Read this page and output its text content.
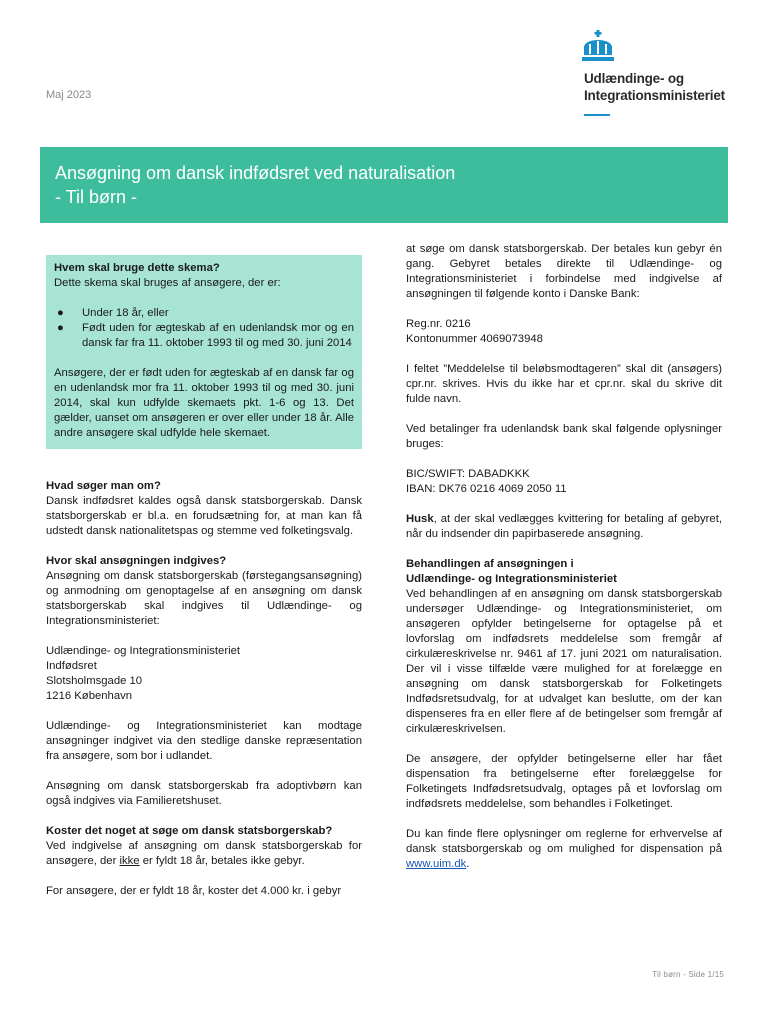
Maj 2023
Udlændinge- og
Integrationsministeriet
Ansøgning om dansk indfødsret ved naturalisation
- Til børn -

Hvem skal bruge dette skema?

Dette skema skal bruges af ansøgere, der er:

● Under 18 år, eller
● Født uden for ægteskab af en udenlandsk mor og en dansk far fra 11. oktober 1993 til og med 30. juni 2014

Ansøgere, der er født uden for ægteskab af en dansk far og en udenlandsk mor fra 11. oktober 1993 til og med 30. juni 2014, skal kun udfylde skemaets pkt. 1-6 og 13. Det gælder, uanset om ansøgeren er over eller under 18 år. Alle andre ansøgere skal udfylde hele skemaet.

Hvad søger man om?

Dansk indfødsret kaldes også dansk statsborgerskab. Dansk statsborgerskab er bl.a. en forudsætning for, at man kan få udstedt dansk nationalitetspas og stemme ved folketingsvalg.

Hvor skal ansøgningen indgives?

Ansøgning om dansk statsborgerskab (førstegangsansøgning) og anmodning om genoptagelse af en ansøgning om dansk statsborgerskab skal indgives til Udlændinge- og Integrationsministeriet:

Udlændinge- og Integrationsministeriet

Indfødsret

Slotsholmsgade 10

1216 København

Udlændinge- og Integrationsministeriet kan modtage ansøgninger indgivet via den stedlige danske repræsentation fra ansøgere, som bor i udlandet.

Ansøgning om dansk statsborgerskab fra adoptivbørn kan også indgives via Familieretshuset.

Koster det noget at søge om dansk statsborgerskab?

Ved indgivelse af ansøgning om dansk statsborgerskab for ansøgere, der ikke er fyldt 18 år, betales ikke gebyr.

For ansøgere, der er fyldt 18 år, koster det 4.000 kr. i gebyr

at søge om dansk statsborgerskab. Der betales kun gebyr én gang. Gebyret betales direkte til Udlændinge- og Integrationsministeriet i forbindelse med indgivelse af ansøgningen til følgende konto i Danske Bank:

Reg.nr. 0216

Kontonummer 4069073948

I feltet ”Meddelelse til beløbsmodtageren” skal dit (ansøgers) cpr.nr. skrives. Hvis du ikke har et cpr.nr. skal du skrive dit fulde navn.

Ved betalinger fra udenlandsk bank skal følgende oplysninger bruges:

BIC/SWIFT: DABADKKK

IBAN: DK76 0216 4069 2050 11

Husk, at der skal vedlægges kvittering for betaling af gebyret, når du indsender din papirbaserede ansøgning.

Behandlingen af ansøgningen i

Udlændinge- og Integrationsministeriet

Ved behandlingen af en ansøgning om dansk statsborgerskab undersøger Udlændinge- og Integrationsministeriet, om ansøgeren opfylder betingelserne for optagelse på et lovforslag om indfødsrets meddelelse som fremgår af cirkulæreskrivelse nr. 9461 af 17. juni 2021 om naturalisation. Der vil i visse tilfælde være mulighed for at forelægge en ansøgning om dansk statsborgerskab for Folketingets Indfødsretsudvalg, for at udvalget kan beslutte, om der kan dispenseres fra en eller flere af de betingelser som fremgår af cirkulæreskrivelsen.

De ansøgere, der opfylder betingelserne eller har fået dispensation fra betingelserne efter forelæggelse for Folketingets Indfødsretsudvalg, optages på et lovforslag om indfødsrets meddelelse, som behandles i Folketinget.

Du kan finde flere oplysninger om reglerne for erhvervelse af dansk statsborgerskab og om mulighed for dispensation på www.uim.dk.

Til børn - Side 1/15
